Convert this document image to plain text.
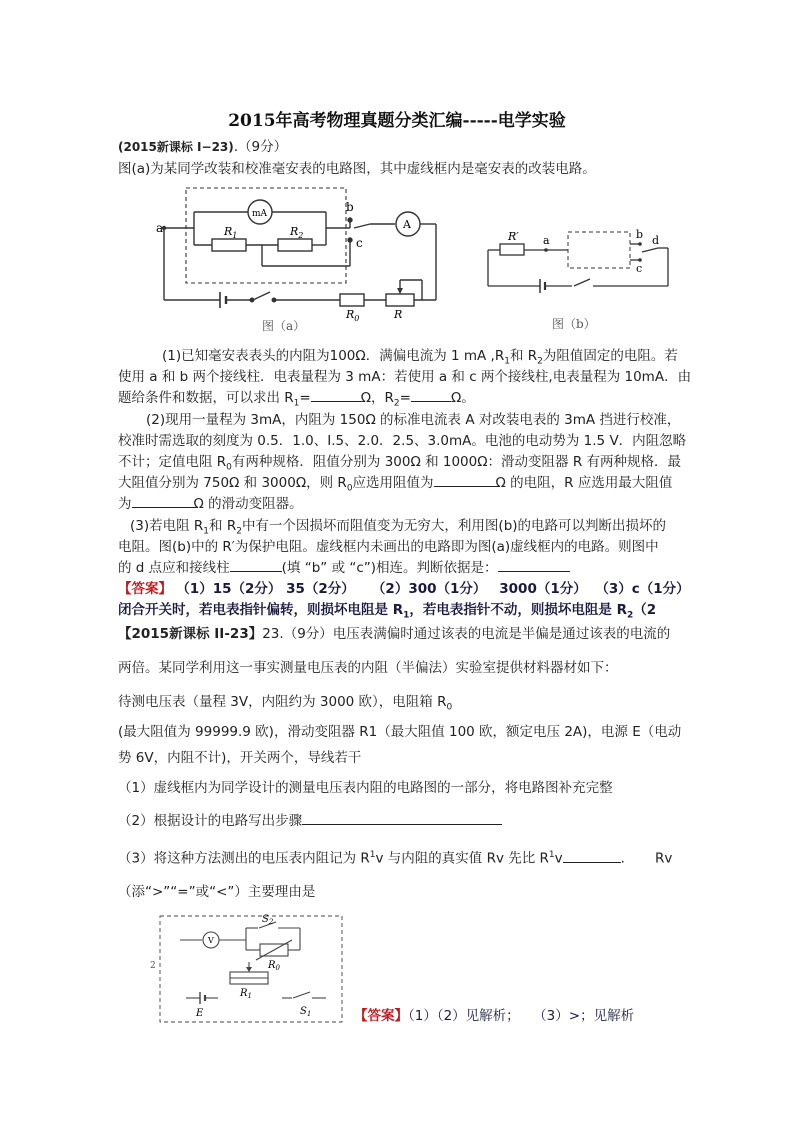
2015年高考物理真题分类汇编-----电学实验
(2015新课标 I−23).（9分）
图(a)为某同学改装和校准毫安表的电路图，其中虚线框内是毫安表的改装电路。
a
b
c
mA
A
$R_1$	$R_2$
$R_0$	R
图（a）
R′ a	b
c
d
图（b）
(1)已知毫安表表头的内阻为100Ω．满偏电流为 1 mA $,R_1$和 $R_2$为阻值固定的电阻。若
使用 a 和 b 两个接线柱．电表量程为 3 mA：若使用 a 和 c 两个接线柱,电表量程为 10mA．由
题给条件和数据，可以求出 $R_1=$	Ω，$R_2=$	Ω。
(2)现用一量程为 3mA，内阻为 150Ω 的标准电流表 A 对改装电表的 3mA 挡进行校准，
校准时需选取的刻度为 0.5．1.0、I.5、2.0．2.5、3.0mA。电池的电动势为 1.5 V．内阻忽略
不计；定值电阻 $R_0$有两种规格．阻值分别为 300Ω 和 1000Ω：滑动变阻器 R 有两种规格．最
大阻值分别为 750Ω 和 3000Ω，则 $R_0$应选用阻值为	Ω 的电阻，R 应选用最大阻值
为	Ω 的滑动变阻器。
(3)若电阻 $R_1$和 $R_2$中有一个因损坏而阻值变为无穷大，利用图(b)的电路可以判断出损坏的
电阻。图(b)中的 R′为保护电阻。虚线框内未画出的电路即为图(a)虚线框内的电路。则图中
的 d 点应和接线柱	(填 “b” 或 “c”)相连。判断依据是：
【答案】 （1）15（2分） 35（2分） （2）300（1分） 3000（1分） （3）c（1分）
闭合开关时，若电表指针偏转，则损坏电阻是 $R_1$，若电表指针不动，则损坏电阻是 $R_2(2$
【2015新课标 II-23】23.（9分）电压表满偏时通过该表的电流是半偏是通过该表的电流的
两倍。某同学利用这一事实测量电压表的内阻（半偏法）实验室提供材料器材如下：
待测电压表（量程 3V，内阻约为 3000 欧），电阻箱 $R_0$
(最大阻值为 99999.9 欧)，滑动变阻器 R1（最大阻值 100 欧，额定电压 2A)，电源 E（电动
势 6V，内阻不计)，开关两个，导线若干
（1）虚线框内为同学设计的测量电压表内阻的电路图的一部分，将电路图补充完整
（2）根据设计的电路写出步骤
（3）将这种方法测出的电压表内阻记为 $R^1v$ 与内阻的真实值 Rv 先比 $R^1v$	. Rv
（添“>”“=”或“<”）主要理由是
V
$S_2$
$R_0$
$R_1$
E	$S_1$
2
【答案】（1）（2）见解析；　　（3）>；见解析
